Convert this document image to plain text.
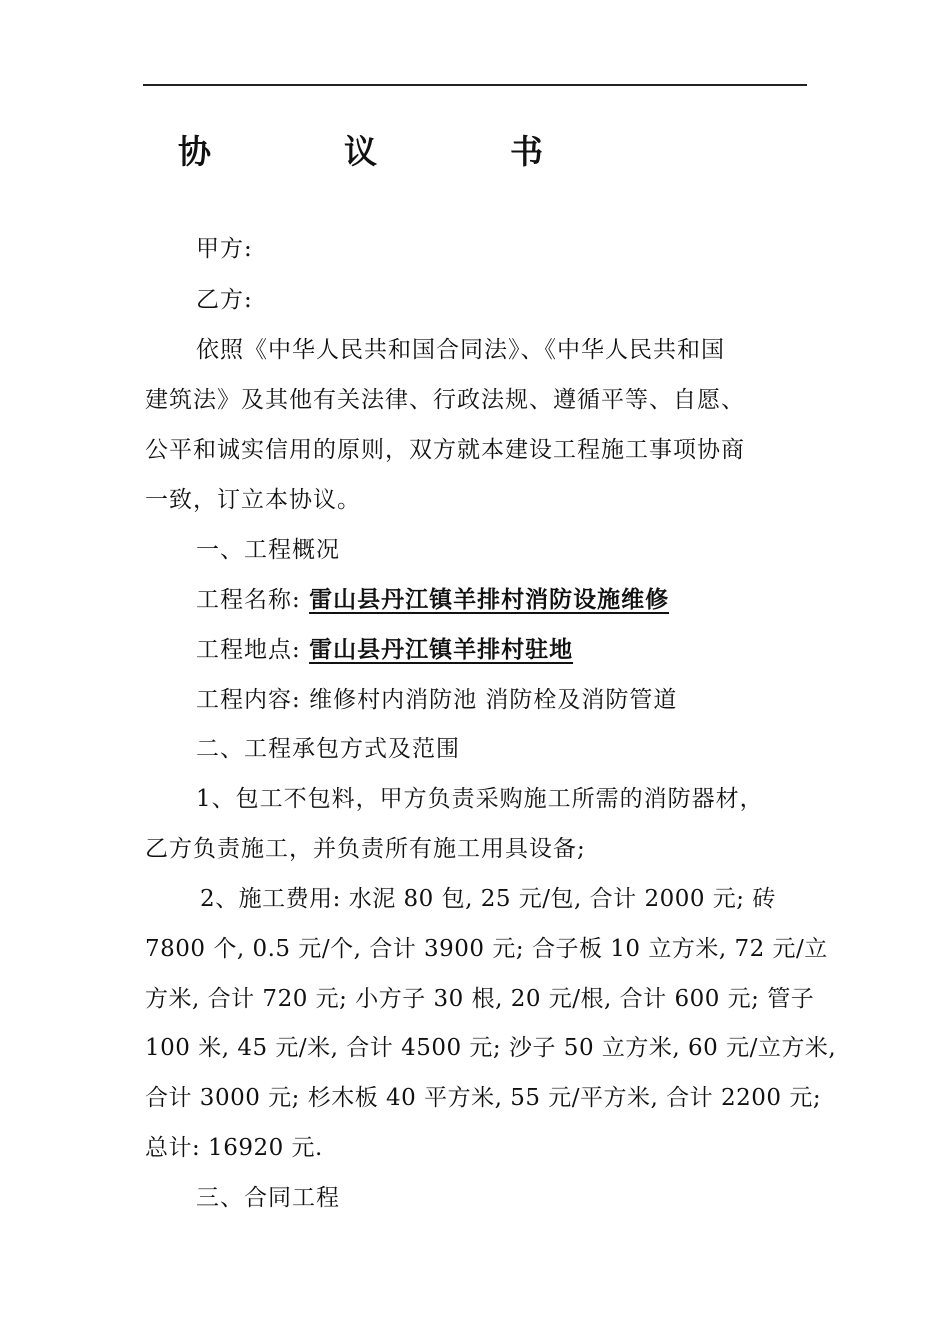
协　议　书
甲方:
乙方:
依照《中华人民共和国合同法》、《中华人民共和国
建筑法》及其他有关法律、行政法规、遵循平等、自愿、
公平和诚实信用的原则，双方就本建设工程施工事项协商
一致，订立本协议。
一、工程概况
工程名称: 雷山县丹江镇羊排村消防设施维修
工程地点: 雷山县丹江镇羊排村驻地
工程内容: 维修村内消防池 消防栓及消防管道
二、工程承包方式及范围
1、包工不包料，甲方负责采购施工所需的消防器材，
乙方负责施工，并负责所有施工用具设备;
2、施工费用: 水泥 80 包, 25 元/包, 合计 2000 元; 砖
7800 个, 0.5 元/个, 合计 3900 元; 合子板 10 立方米, 72 元/立
方米, 合计 720 元; 小方子 30 根, 20 元/根, 合计 600 元; 管子
100 米, 45 元/米, 合计 4500 元; 沙子 50 立方米, 60 元/立方米,
合计 3000 元; 杉木板 40 平方米, 55 元/平方米, 合计 2200 元;
总计: 16920 元.
三、合同工程
